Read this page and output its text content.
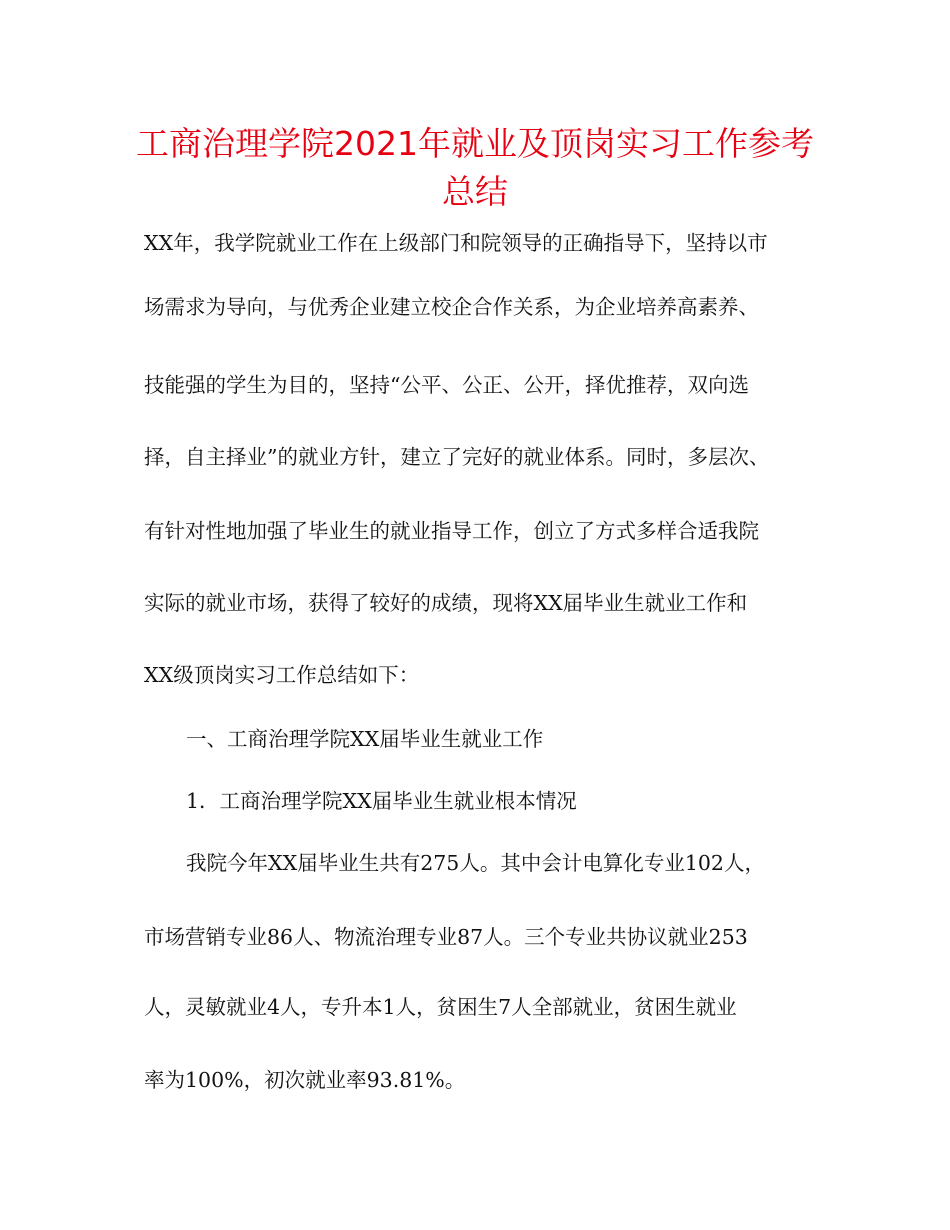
工商治理学院2021年就业及顶岗实习工作参考
总结
XX年，我学院就业工作在上级部门和院领导的正确指导下，坚持以市
场需求为导向，与优秀企业建立校企合作关系，为企业培养高素养、
技能强的学生为目的，坚持“公平、公正、公开，择优推荐，双向选
择，自主择业”的就业方针，建立了完好的就业体系。同时，多层次、
有针对性地加强了毕业生的就业指导工作，创立了方式多样合适我院
实际的就业市场，获得了较好的成绩，现将XX届毕业生就业工作和
XX级顶岗实习工作总结如下：
一、工商治理学院XX届毕业生就业工作
1．工商治理学院XX届毕业生就业根本情况
我院今年XX届毕业生共有275人。其中会计电算化专业102人，
市场营销专业86人、物流治理专业87人。三个专业共协议就业253
人，灵敏就业4人，专升本1人，贫困生7人全部就业，贫困生就业
率为100%，初次就业率93.81%。
